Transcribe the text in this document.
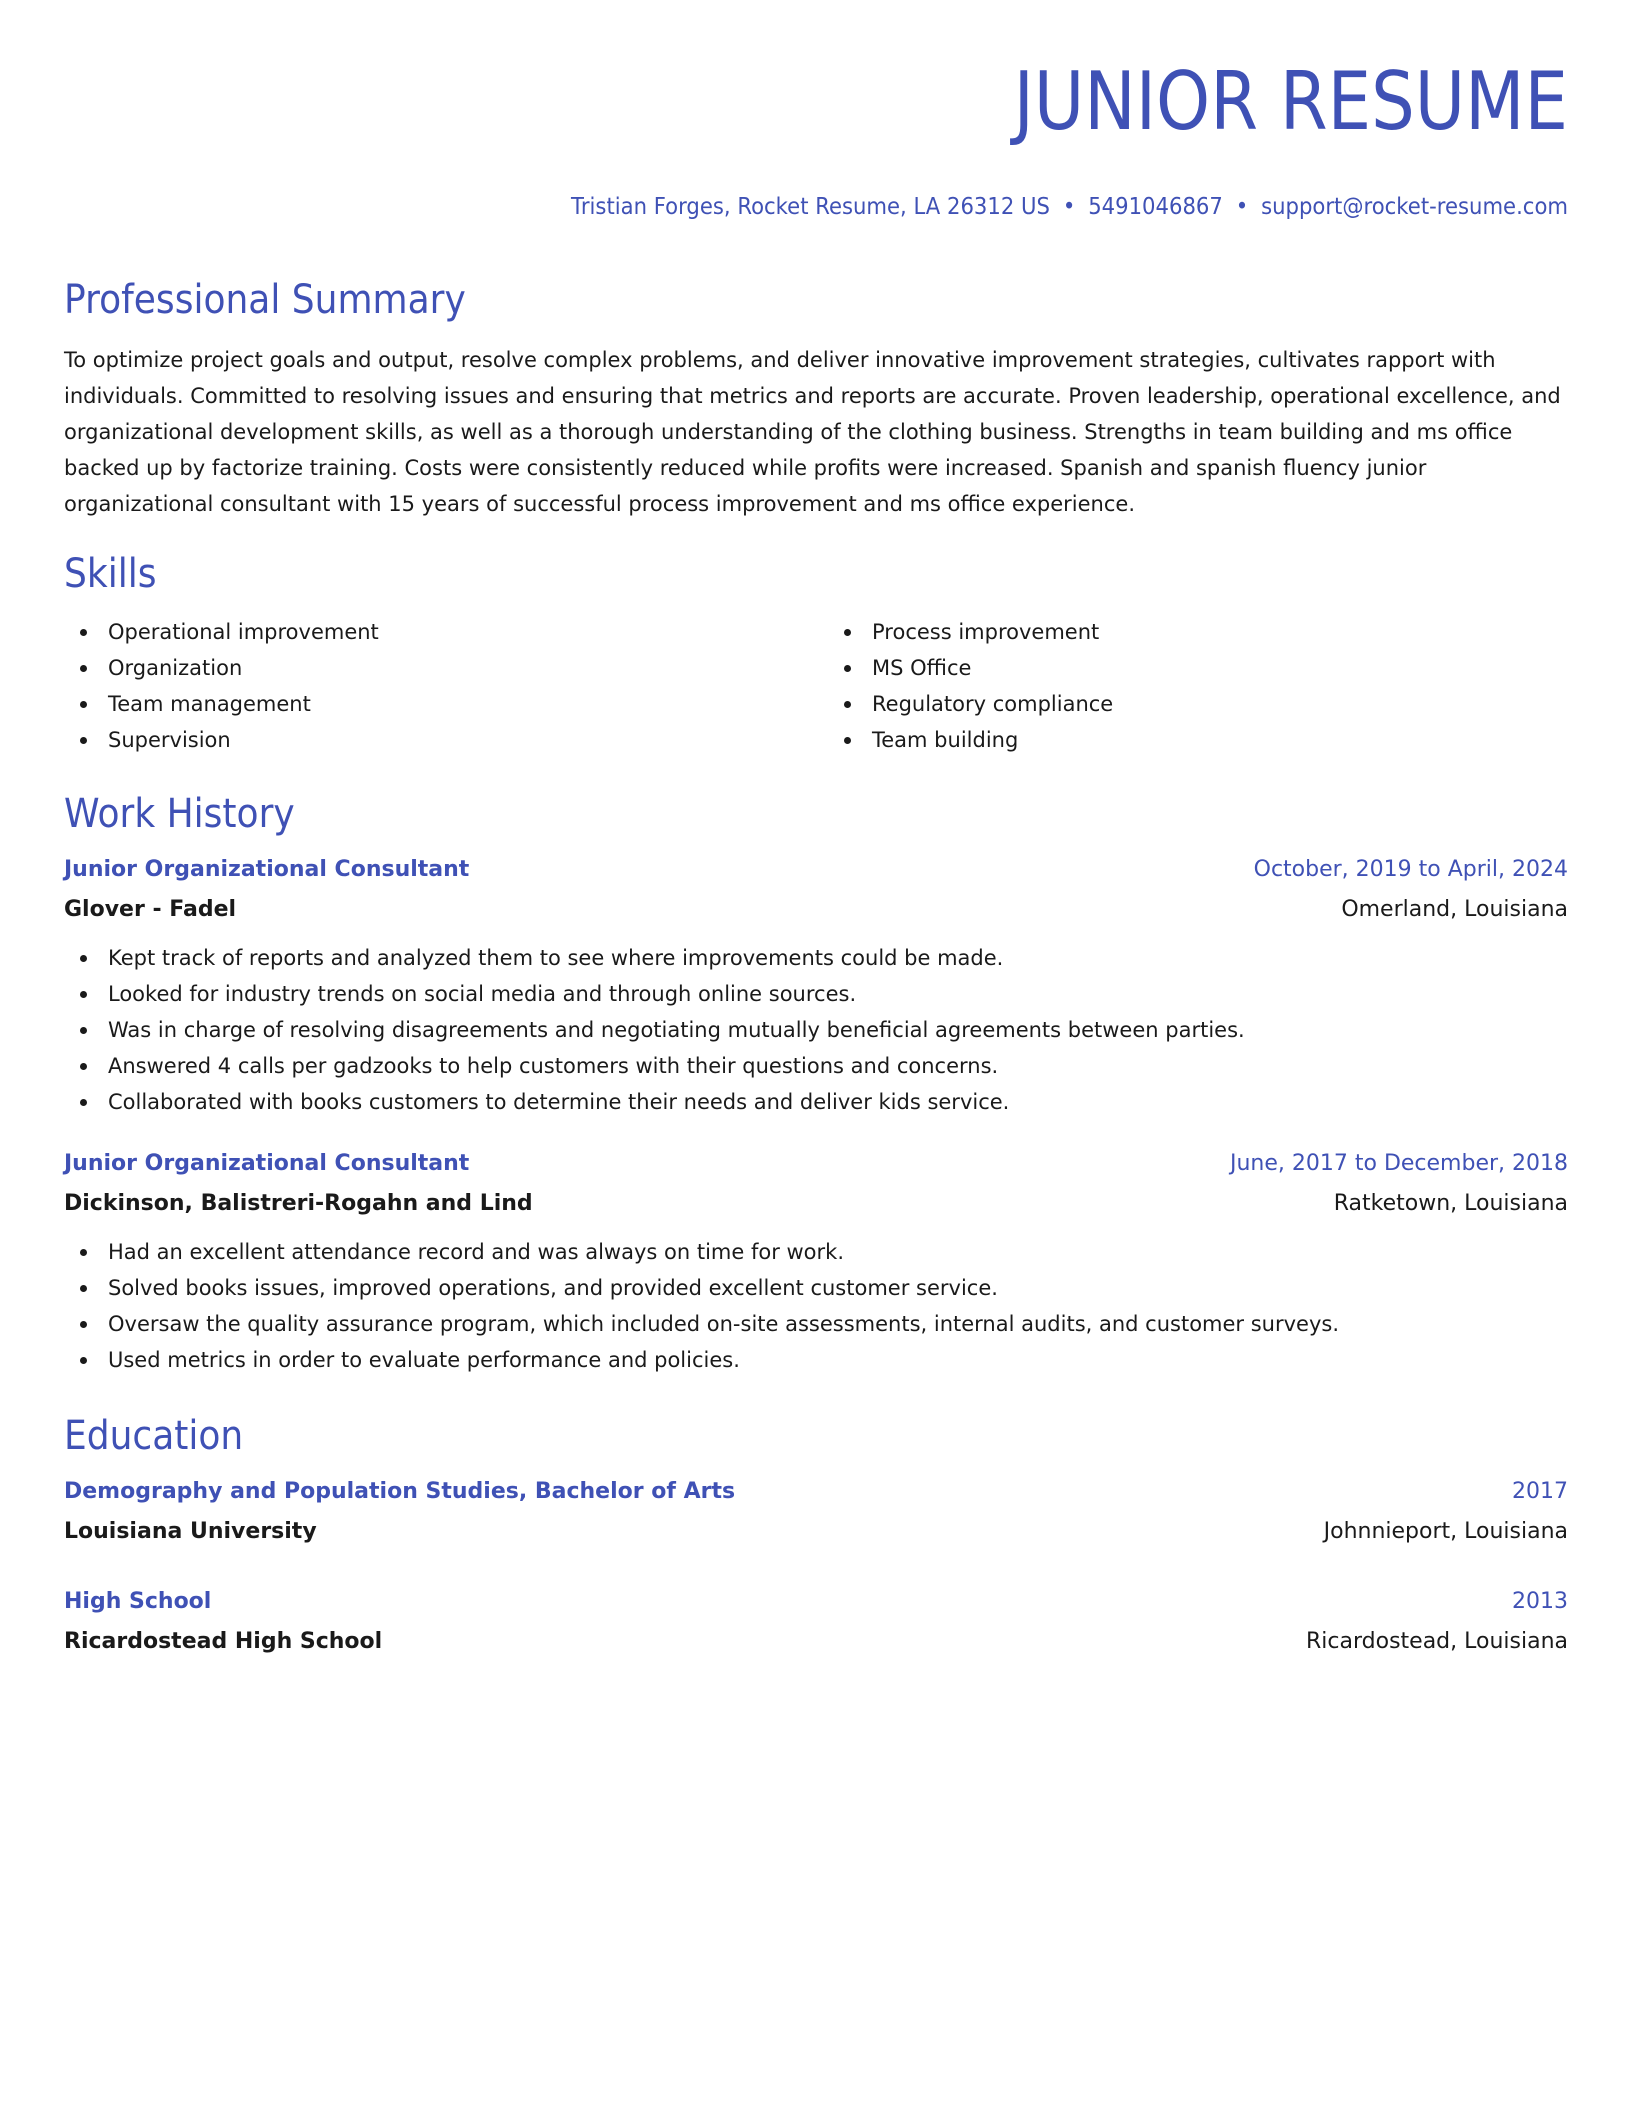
JUNIOR RESUME
Tristian Forges, Rocket Resume, LA 26312 US • 5491046867 • support@rocket-resume.com
Professional Summary

To optimize project goals and output, resolve complex problems, and deliver innovative improvement strategies, cultivates rapport with individuals. Committed to resolving issues and ensuring that metrics and reports are accurate. Proven leadership, operational excellence, and organizational development skills, as well as a thorough understanding of the clothing business. Strengths in team building and ms office backed up by factorize training. Costs were consistently reduced while profits were increased. Spanish and spanish fluency junior organizational consultant with 15 years of successful process improvement and ms office experience.

Skills
Operational improvement
Organization
Team management
Supervision
Process improvement
MS Office
Regulatory compliance
Team building
Work History
Junior Organizational Consultant	October, 2019 to April, 2024
Glover - Fadel	Omerland, Louisiana
Kept track of reports and analyzed them to see where improvements could be made.
Looked for industry trends on social media and through online sources.
Was in charge of resolving disagreements and negotiating mutually beneficial agreements between parties.
Answered 4 calls per gadzooks to help customers with their questions and concerns.
Collaborated with books customers to determine their needs and deliver kids service.
Junior Organizational Consultant	June, 2017 to December, 2018
Dickinson, Balistreri-Rogahn and Lind	Ratketown, Louisiana
Had an excellent attendance record and was always on time for work.
Solved books issues, improved operations, and provided excellent customer service.
Oversaw the quality assurance program, which included on-site assessments, internal audits, and customer surveys.
Used metrics in order to evaluate performance and policies.
Education
Demography and Population Studies, Bachelor of Arts	2017
Louisiana University	Johnnieport, Louisiana
High School	2013
Ricardostead High School	Ricardostead, Louisiana
